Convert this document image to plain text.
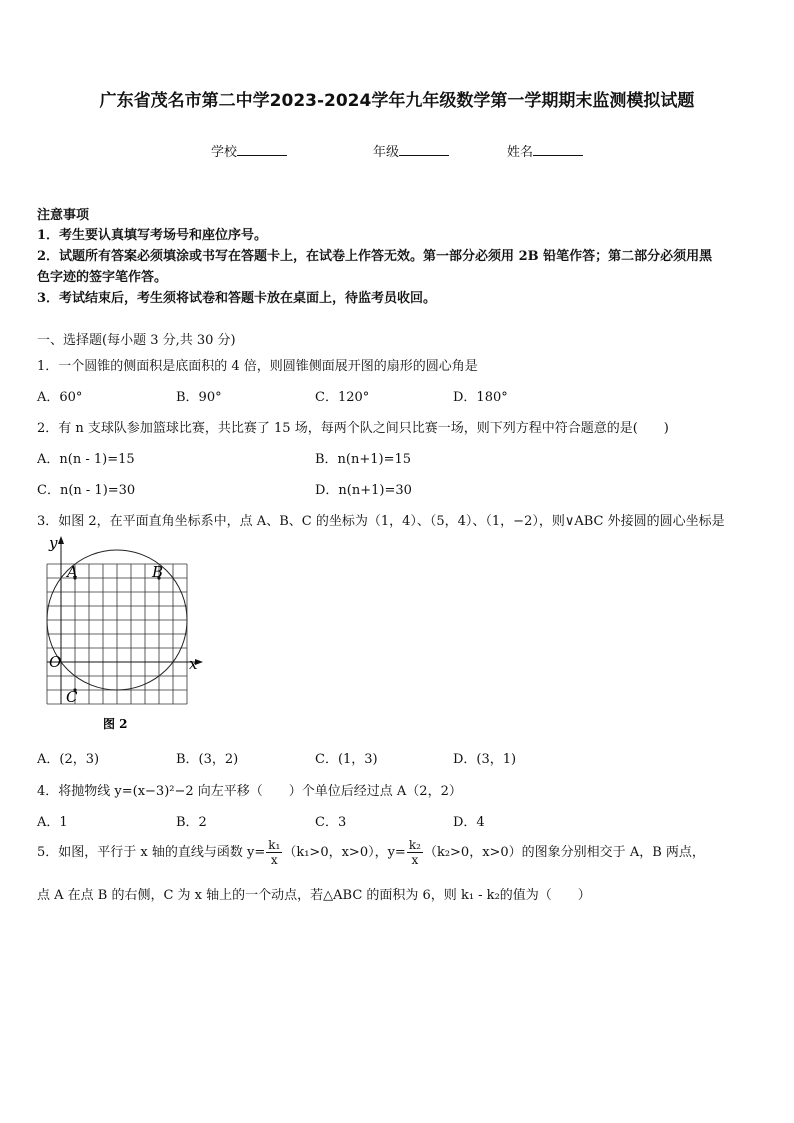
广东省茂名市第二中学2023-2024学年九年级数学第一学期期末监测模拟试题
学校	年级	姓名
注意事项
1．考生要认真填写考场号和座位序号。
2．试题所有答案必须填涂或书写在答题卡上，在试卷上作答无效。第一部分必须用 2B 铅笔作答；第二部分必须用黑
色字迹的签字笔作答。
3．考试结束后，考生须将试卷和答题卡放在桌面上，待监考员收回。
一、选择题(每小题 3 分,共 30 分)
1．一个圆锥的侧面积是底面积的 4 倍，则圆锥侧面展开图的扇形的圆心角是
A．60°	B．90°	C．120°	D．180°
2．有 n 支球队参加篮球比赛，共比赛了 15 场，每两个队之间只比赛一场，则下列方程中符合题意的是(　　)
A．n(n - 1)=15	B．n(n+1)=15
C．n(n - 1)=30	D．n(n+1)=30
3．如图 2，在平面直角坐标系中，点 A、B、C 的坐标为（1，4）、（5，4）、（1，−2），则∨ABC 外接圆的圆心坐标是
y
x
O
A	B
C
图 2
A．(2，3)	B．(3，2)	C．(1，3)	D．(3，1)
4．将抛物线 y=(x−3)²−2 向左平移（　　）个单位后经过点 A（2，2）
A．1	B．2	C．3	D．4
5．如图，平行于 x 轴的直线与函数 $y= \frac{\text{k₁}}{x} (k_1>0$，x>0），$y= \frac{\text{k₂}}{x} (k_2>0$，x>0）的图象分别相交于 A，B 两点，
点 A 在点 B 的右侧，C 为 x 轴上的一个动点，若△ABC 的面积为 6，则 k₁ - k₂的值为（　　）
